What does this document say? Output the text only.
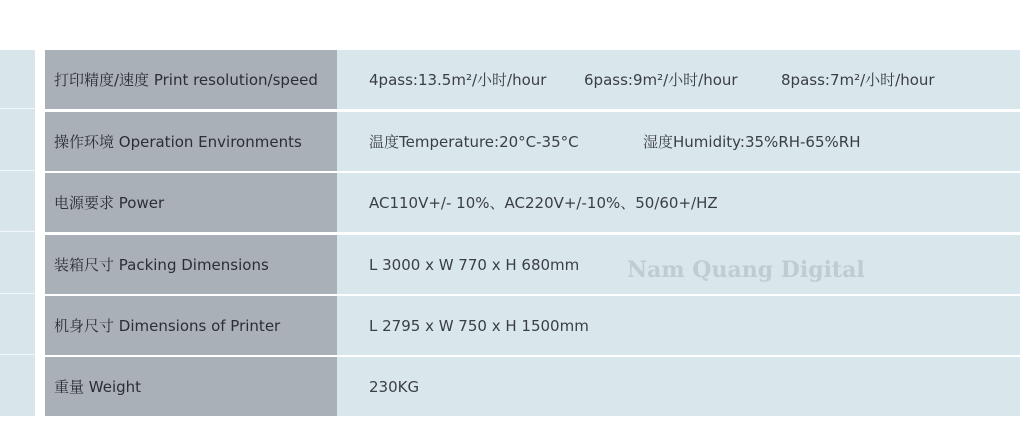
打印精度/速度 Print resolution/speed	4pass:13.5m²/小时/hour	6pass:9m²/小时/hour	8pass:7m²/小时/hour
操作环境 Operation Environments	温度Temperature:20°C-35°C	湿度Humidity:35%RH-65%RH
电源要求 Power	AC110V+/- 10%、AC220V+/-10%、50/60+/HZ
装箱尺寸 Packing Dimensions	L 3000 x W 770 x H 680mm
机身尺寸 Dimensions of Printer	L 2795 x W 750 x H 1500mm
重量 Weight	230KG
Nam Quang Digital
